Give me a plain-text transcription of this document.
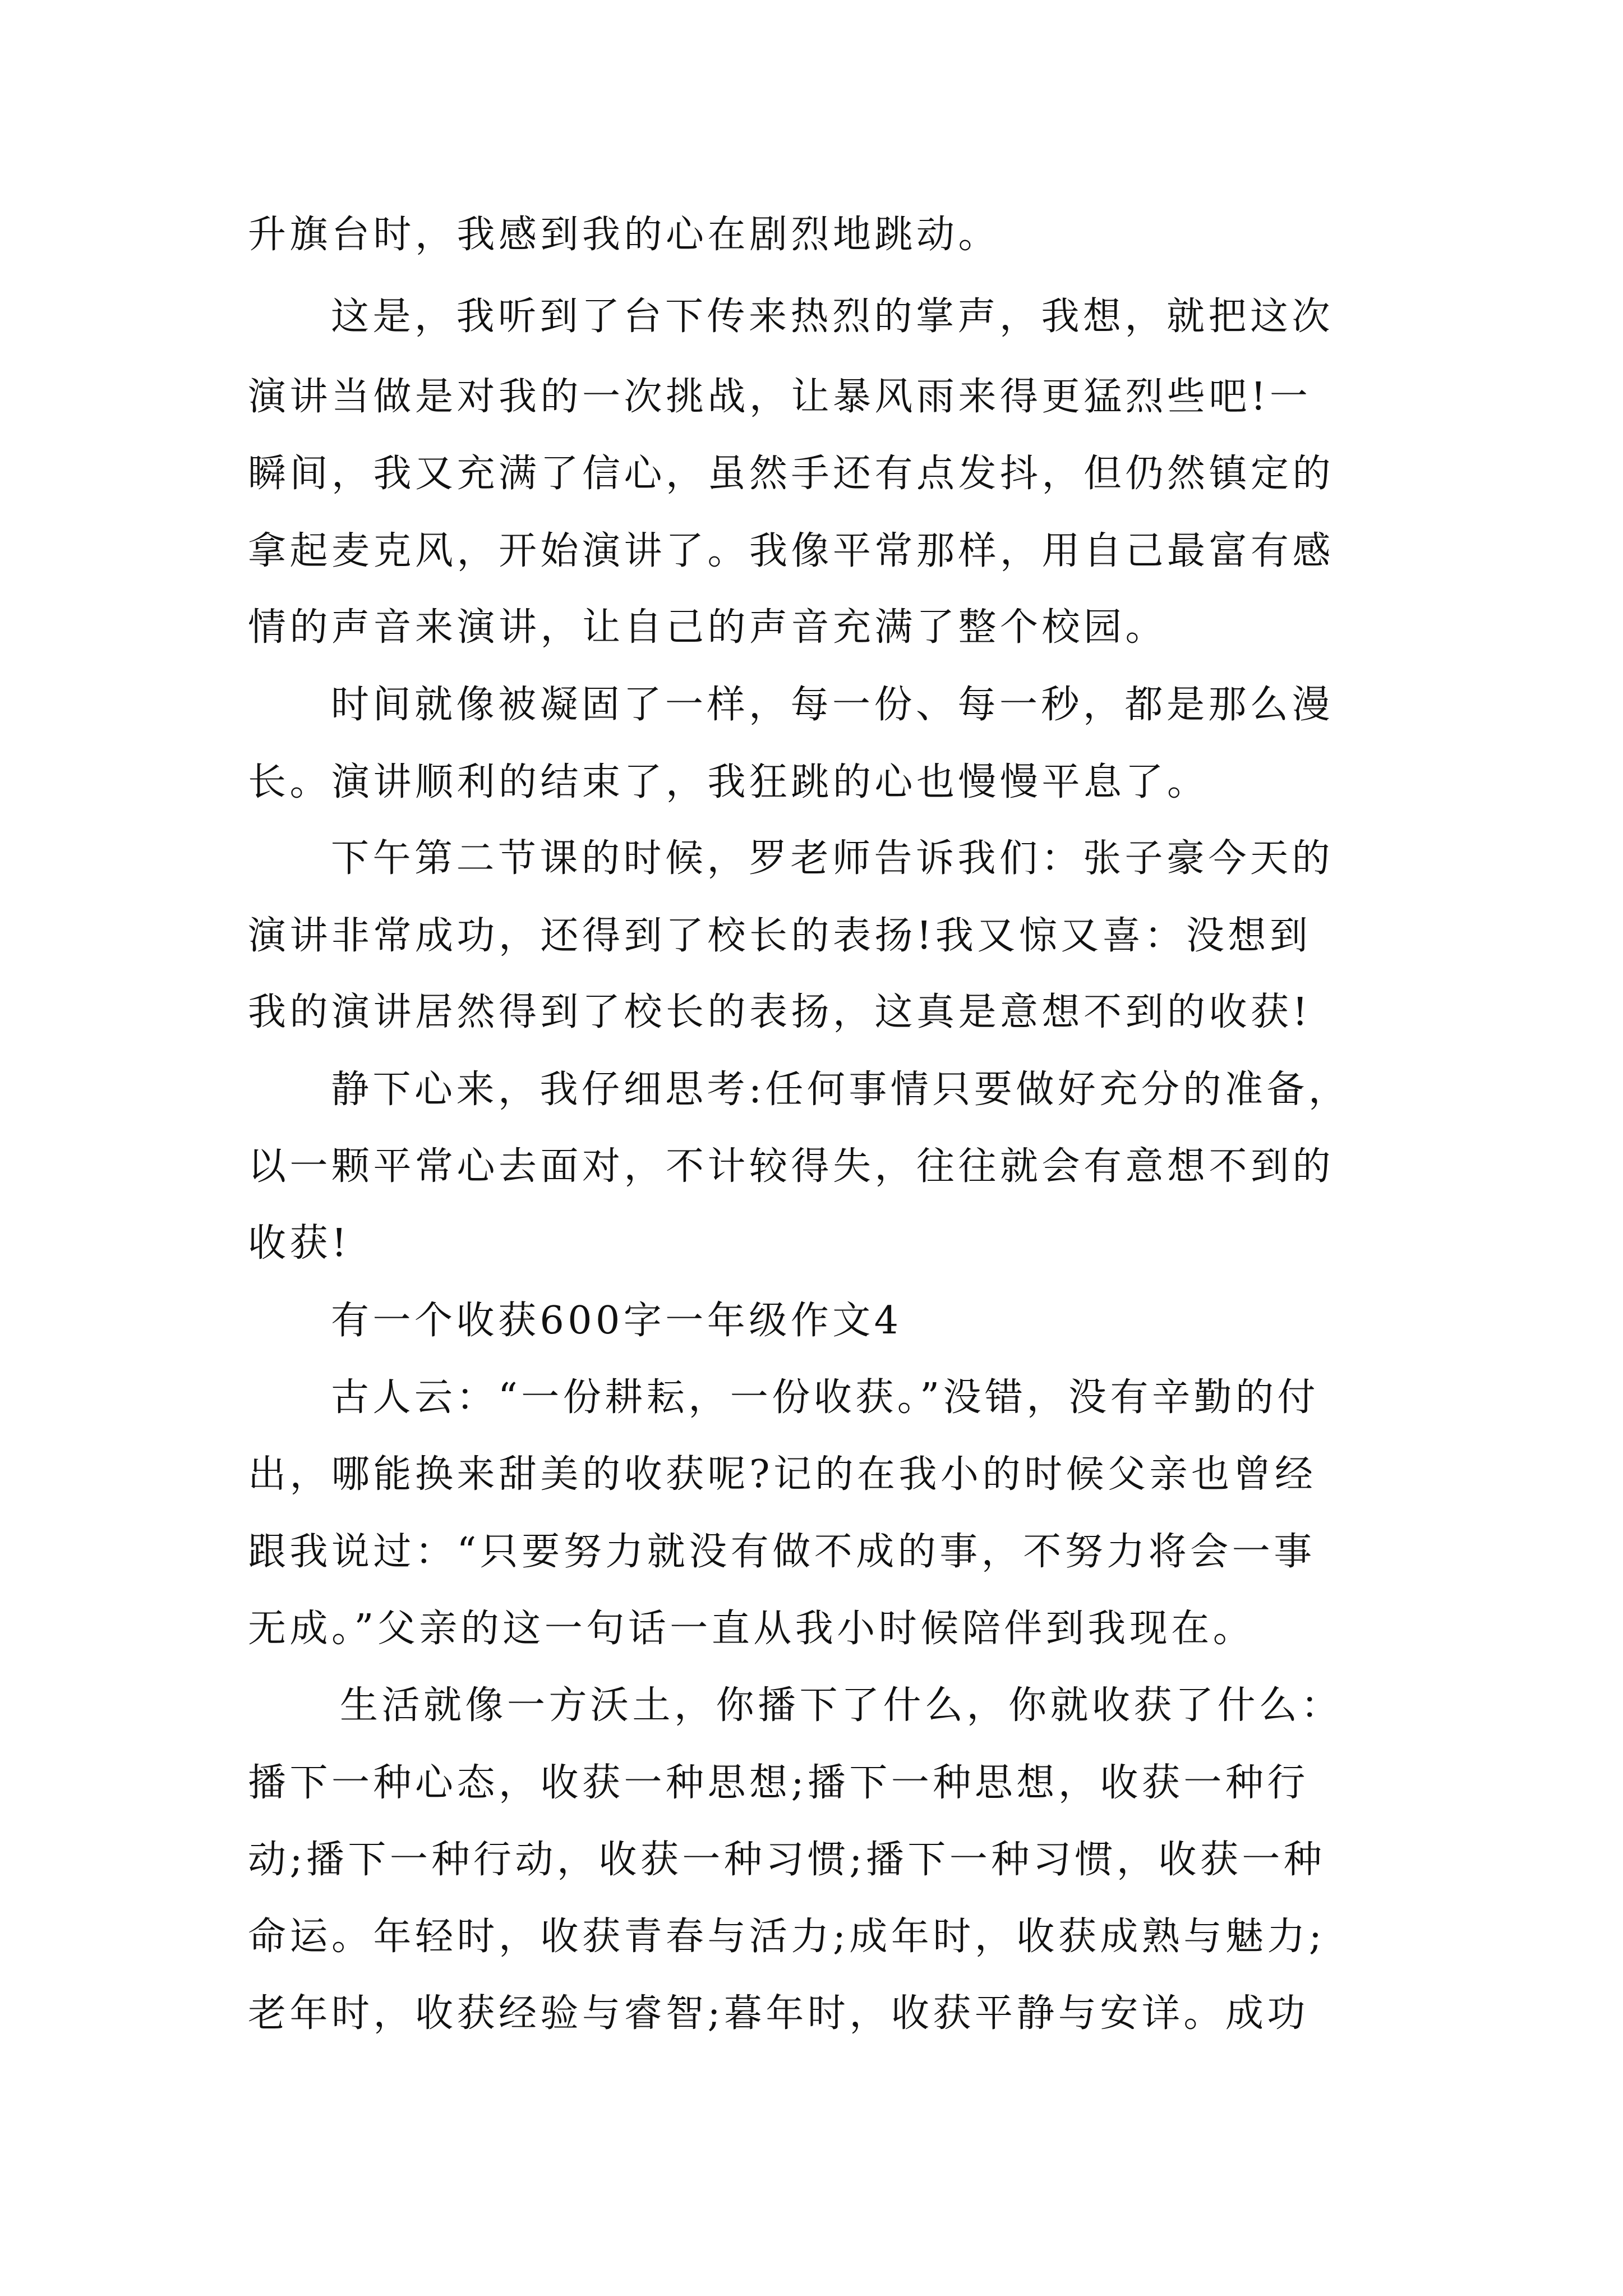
升旗台时，我感到我的心在剧烈地跳动。
这是，我听到了台下传来热烈的掌声，我想，就把这次
演讲当做是对我的一次挑战，让暴风雨来得更猛烈些吧!一
瞬间，我又充满了信心，虽然手还有点发抖，但仍然镇定的
拿起麦克风，开始演讲了。我像平常那样，用自己最富有感
情的声音来演讲，让自己的声音充满了整个校园。
时间就像被凝固了一样，每一份、每一秒，都是那么漫
长。演讲顺利的结束了，我狂跳的心也慢慢平息了。
下午第二节课的时候，罗老师告诉我们：张子豪今天的
演讲非常成功，还得到了校长的表扬!我又惊又喜：没想到
我的演讲居然得到了校长的表扬，这真是意想不到的收获!
静下心来，我仔细思考:任何事情只要做好充分的准备，
以一颗平常心去面对，不计较得失，往往就会有意想不到的
收获!
有一个收获600字一年级作文4
古人云：“一份耕耘，一份收获。”没错，没有辛勤的付
出，哪能换来甜美的收获呢?记的在我小的时候父亲也曾经
跟我说过：“只要努力就没有做不成的事，不努力将会一事
无成。”父亲的这一句话一直从我小时候陪伴到我现在。
生活就像一方沃土，你播下了什么，你就收获了什么：
播下一种心态，收获一种思想;播下一种思想，收获一种行
动;播下一种行动，收获一种习惯;播下一种习惯，收获一种
命运。年轻时，收获青春与活力;成年时，收获成熟与魅力;
老年时，收获经验与睿智;暮年时，收获平静与安详。成功
